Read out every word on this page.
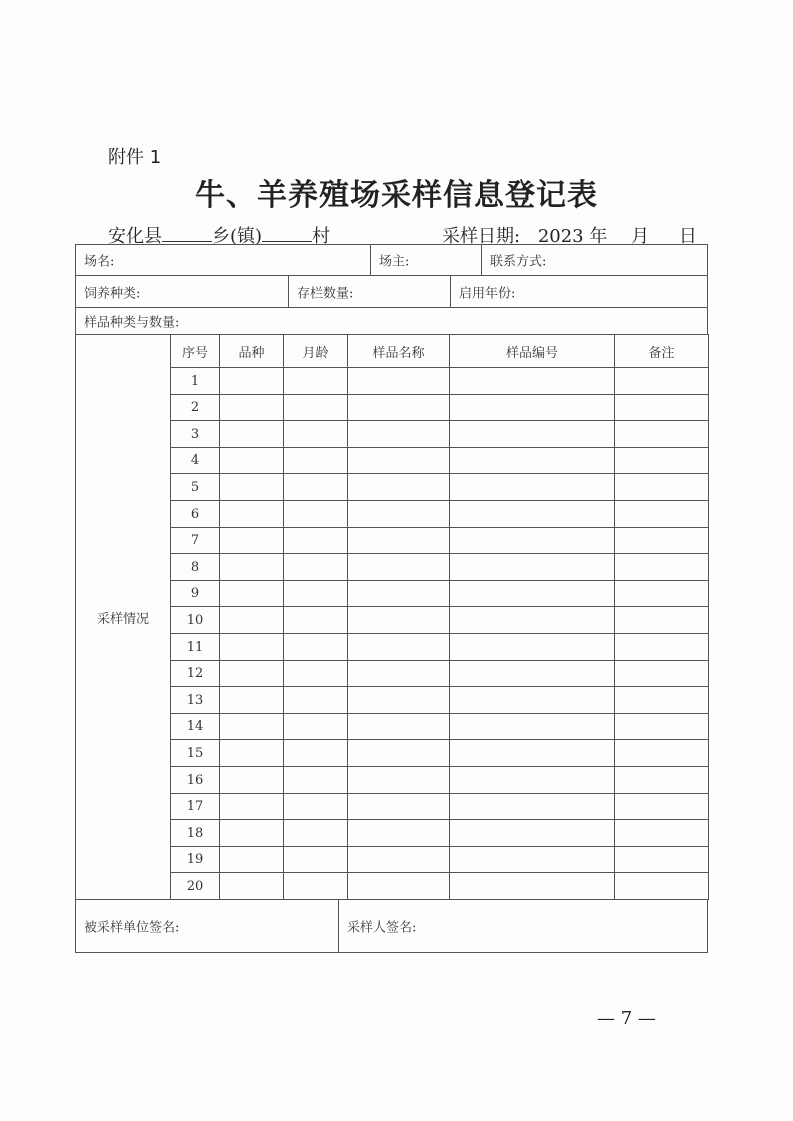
附件 1
牛、羊养殖场采样信息登记表
安化县	乡(镇)	村	采样日期: 2023 年 月 日
场名:	场主:	联系方式:
饲养种类:	存栏数量:	启用年份:
样品种类与数量:
采样情况
序号	品种	月龄	样品名称	样品编号	备注
1
2
3
4
5
6
7
8
9
10
11
12
13
14
15
16
17
18
19
20
被采样单位签名:	采样人签名:
— 7 —
